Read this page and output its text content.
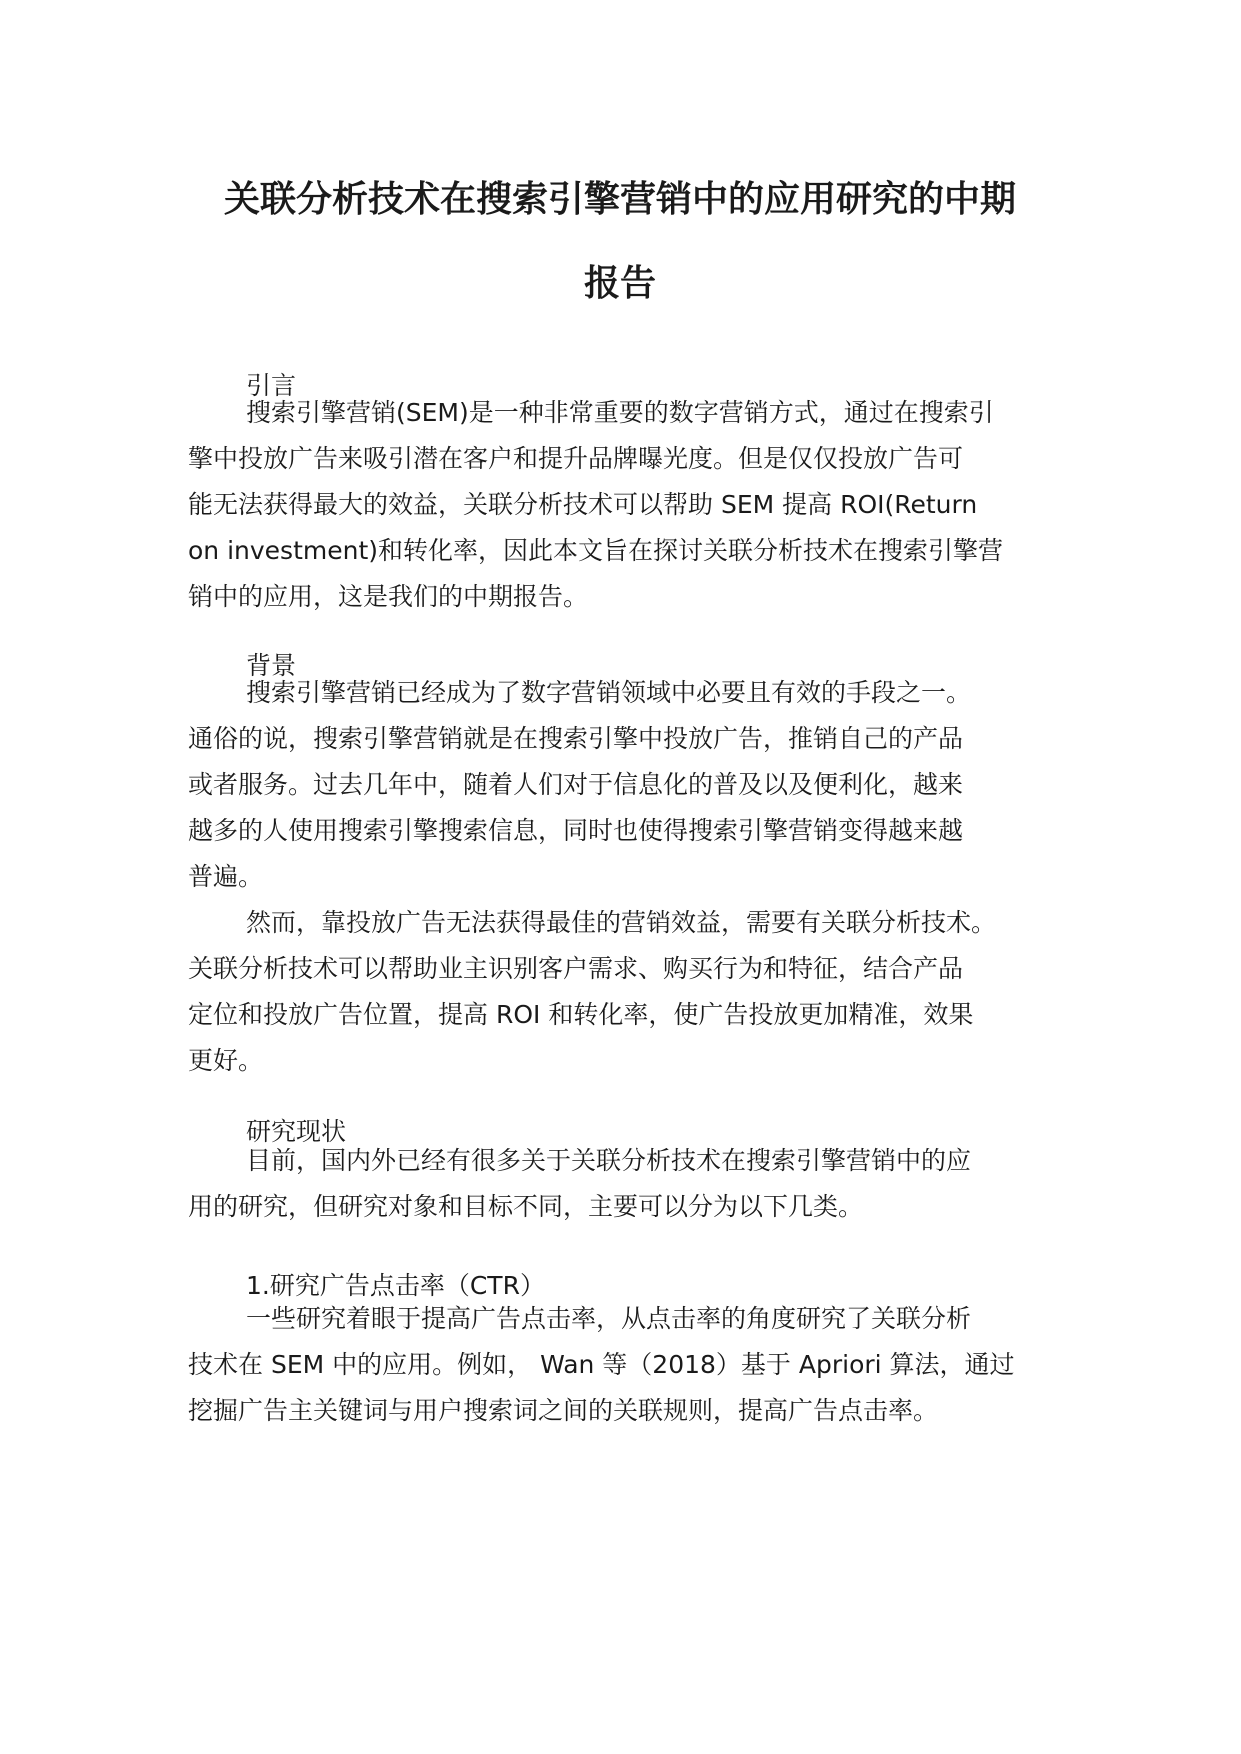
关联分析技术在搜索引擎营销中的应用研究的中期
报告

引言

搜索引擎营销(SEM)是一种非常重要的数字营销方式，通过在搜索引
擎中投放广告来吸引潜在客户和提升品牌曝光度。但是仅仅投放广告可
能无法获得最大的效益，关联分析技术可以帮助 SEM 提高 ROI(Return
on investment)和转化率，因此本文旨在探讨关联分析技术在搜索引擎营
销中的应用，这是我们的中期报告。

背景

搜索引擎营销已经成为了数字营销领域中必要且有效的手段之一。
通俗的说，搜索引擎营销就是在搜索引擎中投放广告，推销自己的产品
或者服务。过去几年中，随着人们对于信息化的普及以及便利化，越来
越多的人使用搜索引擎搜索信息，同时也使得搜索引擎营销变得越来越
普遍。
然而，靠投放广告无法获得最佳的营销效益，需要有关联分析技术。
关联分析技术可以帮助业主识别客户需求、购买行为和特征，结合产品
定位和投放广告位置，提高 ROI 和转化率，使广告投放更加精准，效果
更好。

研究现状

目前，国内外已经有很多关于关联分析技术在搜索引擎营销中的应
用的研究，但研究对象和目标不同，主要可以分为以下几类。

1.研究广告点击率（CTR）

一些研究着眼于提高广告点击率，从点击率的角度研究了关联分析
技术在 SEM 中的应用。例如， Wan 等（2018）基于 Apriori 算法，通过
挖掘广告主关键词与用户搜索词之间的关联规则，提高广告点击率。
